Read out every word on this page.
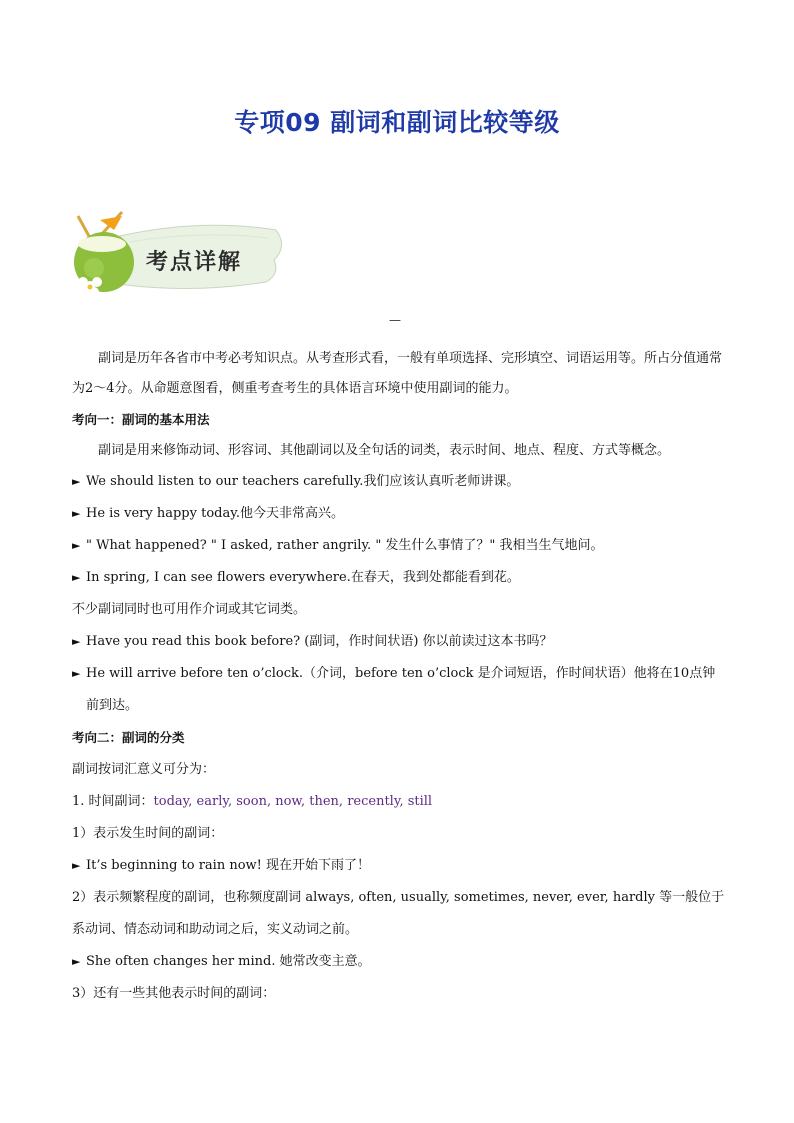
专项09 副词和副词比较等级
考点详解
—

副词是历年各省市中考必考知识点。从考查形式看，一般有单项选择、完形填空、词语运用等。所占分值通常为2～4分。从命题意图看，侧重考查考生的具体语言环境中使用副词的能力。

考向一：副词的基本用法

副词是用来修饰动词、形容词、其他副词以及全句话的词类，表示时间、地点、程度、方式等概念。

► We should listen to our teachers carefully.我们应该认真听老师讲课。

► He is very happy today.他今天非常高兴。

► " What happened? " I asked, rather angrily. " 发生什么事情了？" 我相当生气地问。

► In spring, I can see flowers everywhere.在春天，我到处都能看到花。

不少副词同时也可用作介词或其它词类。

► Have you read this book before? (副词，作时间状语) 你以前读过这本书吗？

► He will arrive before ten o’clock.（介词，before ten o’clock 是介词短语，作时间状语）他将在10点钟前到达。

考向二：副词的分类

副词按词汇意义可分为：

1. 时间副词：today, early, soon, now, then, recently, still

1）表示发生时间的副词：

► It’s beginning to rain now! 现在开始下雨了！

2）表示频繁程度的副词，也称频度副词 always, often, usually, sometimes, never, ever, hardly 等一般位于系动词、情态动词和助动词之后，实义动词之前。

► She often changes her mind. 她常改变主意。

3）还有一些其他表示时间的副词：
